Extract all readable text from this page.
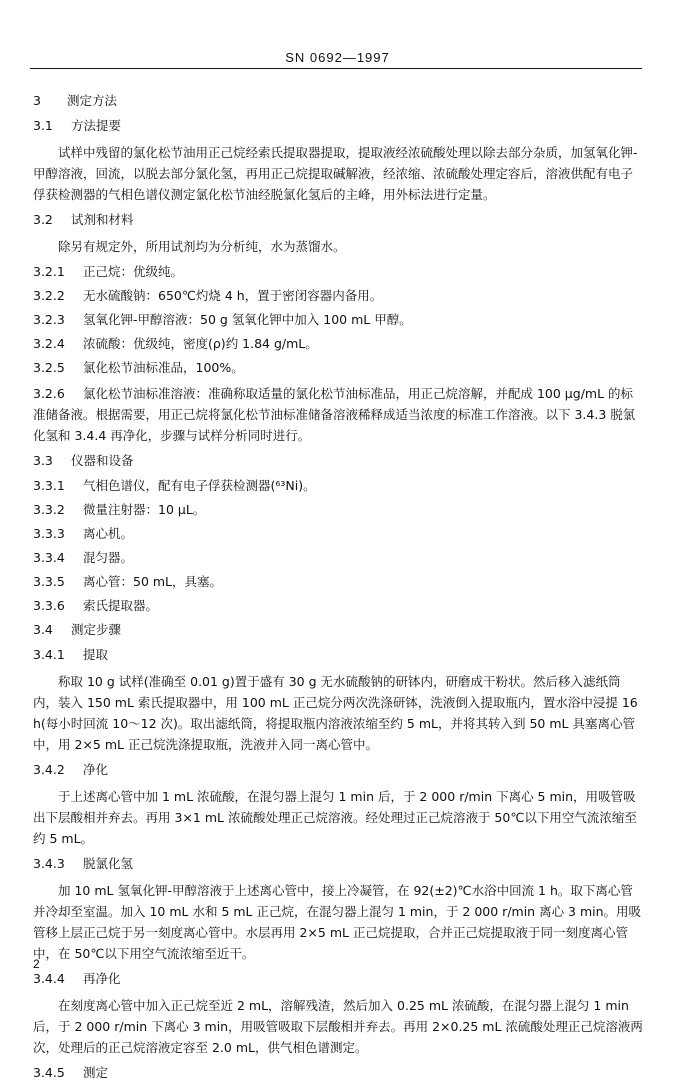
SN 0692—1997
3 测定方法
3.1 方法提要
试样中残留的氯化松节油用正己烷经索氏提取器提取，提取液经浓硫酸处理以除去部分杂质，加氢氧化钾-甲醇溶液，回流，以脱去部分氯化氢，再用正己烷提取碱解液，经浓缩、浓硫酸处理定容后，溶液供配有电子俘获检测器的气相色谱仪测定氯化松节油经脱氯化氢后的主峰，用外标法进行定量。
3.2 试剂和材料
除另有规定外，所用试剂均为分析纯，水为蒸馏水。
3.2.1 正己烷：优级纯。
3.2.2 无水硫酸钠：650℃灼烧 4 h，置于密闭容器内备用。
3.2.3 氢氧化钾-甲醇溶液：50 g 氢氧化钾中加入 100 mL 甲醇。
3.2.4 浓硫酸：优级纯，密度(ρ)约 1.84 g/mL。
3.2.5 氯化松节油标准品，100%。
3.2.6 氯化松节油标准溶液：准确称取适量的氯化松节油标准品，用正己烷溶解，并配成 100 μg/mL 的标准储备液。根据需要，用正己烷将氯化松节油标准储备溶液稀释成适当浓度的标准工作溶液。以下 3.4.3 脱氯化氢和 3.4.4 再净化，步骤与试样分析同时进行。
3.3 仪器和设备
3.3.1 气相色谱仪，配有电子俘获检测器(⁶³Ni)。
3.3.2 微量注射器：10 μL。
3.3.3 离心机。
3.3.4 混匀器。
3.3.5 离心管：50 mL，具塞。
3.3.6 索氏提取器。
3.4 测定步骤
3.4.1 提取
称取 10 g 试样(准确至 0.01 g)置于盛有 30 g 无水硫酸钠的研钵内，研磨成干粉状。然后移入滤纸筒内，装入 150 mL 索氏提取器中，用 100 mL 正己烷分两次洗涤研钵，洗液倒入提取瓶内，置水浴中浸提 16 h(每小时回流 10～12 次)。取出滤纸筒，将提取瓶内溶液浓缩至约 5 mL，并将其转入到 50 mL 具塞离心管中，用 2×5 mL 正己烷洗涤提取瓶，洗液并入同一离心管中。
3.4.2 净化
于上述离心管中加 1 mL 浓硫酸，在混匀器上混匀 1 min 后，于 2 000 r/min 下离心 5 min，用吸管吸出下层酸相并弃去。再用 3×1 mL 浓硫酸处理正己烷溶液。经处理过正己烷溶液于 50℃以下用空气流浓缩至约 5 mL。
3.4.3 脱氯化氢
加 10 mL 氢氧化钾-甲醇溶液于上述离心管中，接上冷凝管，在 92(±2)℃水浴中回流 1 h。取下离心管并冷却至室温。加入 10 mL 水和 5 mL 正己烷，在混匀器上混匀 1 min，于 2 000 r/min 离心 3 min。用吸管移上层正己烷于另一刻度离心管中。水层再用 2×5 mL 正己烷提取，合并正己烷提取液于同一刻度离心管中，在 50℃以下用空气流浓缩至近干。
3.4.4 再净化
在刻度离心管中加入正己烷至近 2 mL，溶解残渣，然后加入 0.25 mL 浓硫酸，在混匀器上混匀 1 min 后，于 2 000 r/min 下离心 3 min，用吸管吸取下层酸相并弃去。再用 2×0.25 mL 浓硫酸处理正己烷溶液两次，处理后的正己烷溶液定容至 2.0 mL，供气相色谱测定。
3.4.5 测定
2
